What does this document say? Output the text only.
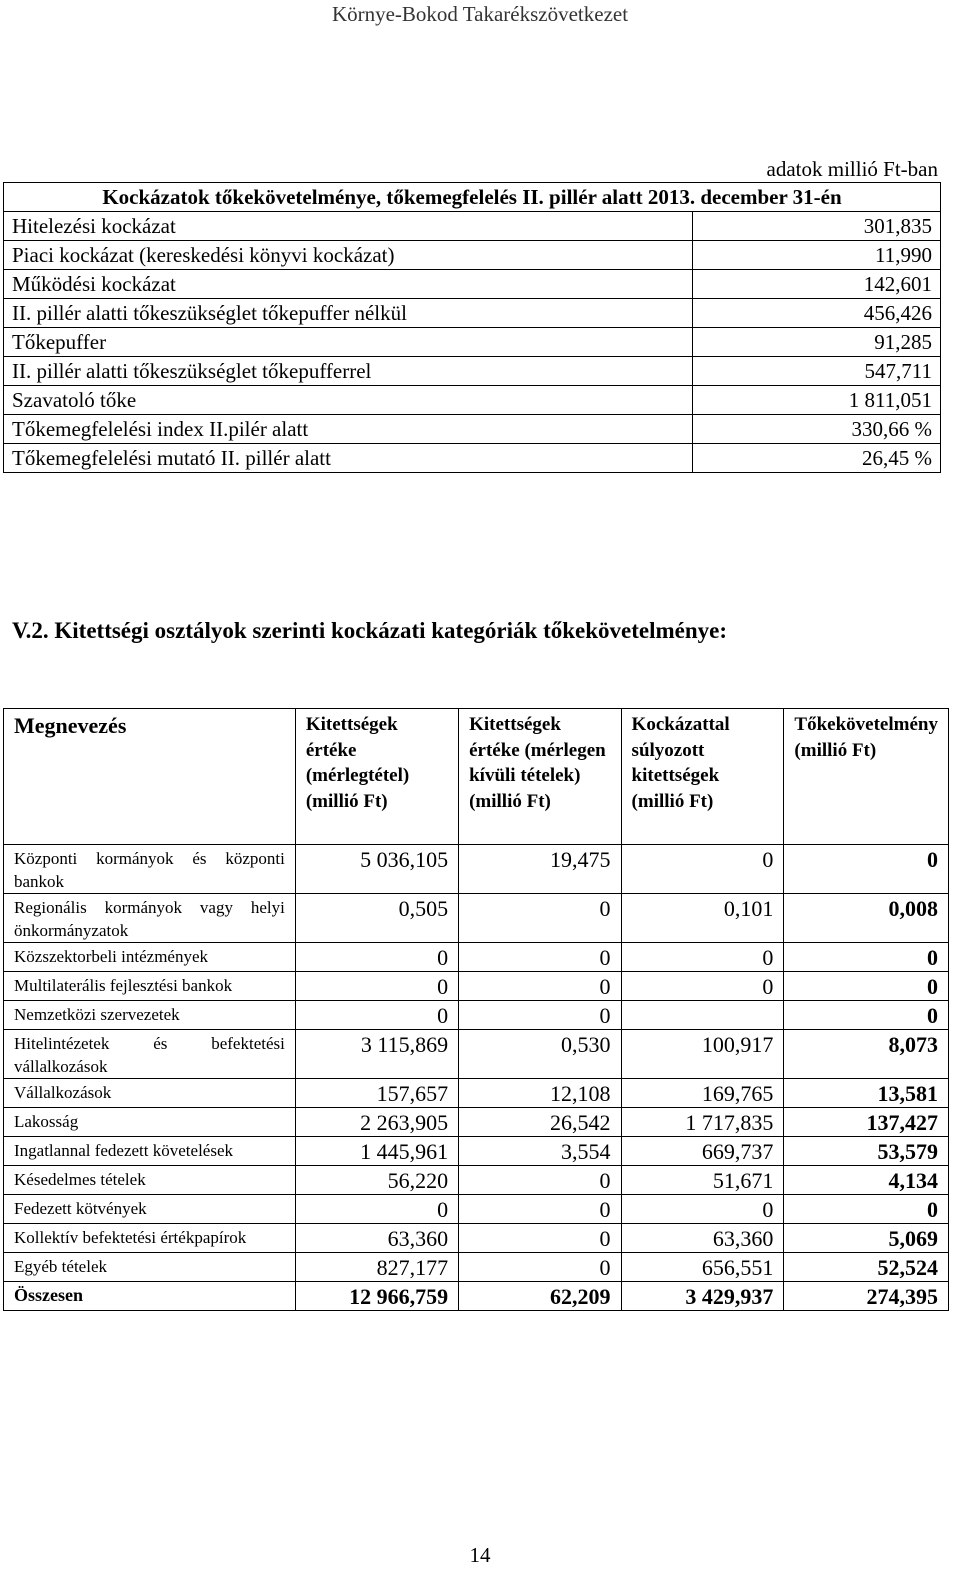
Környe-Bokod Takarékszövetkezet
adatok millió Ft-ban
Kockázatok tőkekövetelménye, tőkemegfelelés II. pillér alatt 2013. december 31-én	
Hitelezési kockázat	301,835
Piaci kockázat (kereskedési könyvi kockázat)	11,990
Működési kockázat	142,601
II. pillér alatti tőkeszükséglet tőkepuffer nélkül	456,426
Tőkepuffer	91,285
II. pillér alatti tőkeszükséglet tőkepufferrel	547,711
Szavatoló tőke	1 811,051
Tőkemegfelelési index II.pilér alatt	330,66 %
Tőkemegfelelési mutató II. pillér alatt	26,45 %
V.2. Kitettségi osztályok szerinti kockázati kategóriák tőkekövetelménye:
Megnevezés	Kitettségek értéke (mérlegtétel) (millió Ft)	Kitettségek értéke (mérlegen kívüli tételek) (millió Ft)	Kockázattal súlyozott kitettségek (millió Ft)	Tőkekövetelmény (millió Ft)
Központi kormányok és központi bankok	5 036,105	19,475	0	0
Regionális kormányok vagy helyi önkormányzatok	0,505	0	0,101	0,008
Közszektorbeli intézmények	0	0	0	0
Multilaterális fejlesztési bankok	0	0	0	0
Nemzetközi szervezetek	0	0		0
Hitelintézetek és befektetési vállalkozások	3 115,869	0,530	100,917	8,073
Vállalkozások	157,657	12,108	169,765	13,581
Lakosság	2 263,905	26,542	1 717,835	137,427
Ingatlannal fedezett követelések	1 445,961	3,554	669,737	53,579
Késedelmes tételek	56,220	0	51,671	4,134
Fedezett kötvények	0	0	0	0
Kollektív befektetési értékpapírok	63,360	0	63,360	5,069
Egyéb tételek	827,177	0	656,551	52,524
Összesen	12 966,759	62,209	3 429,937	274,395
14
